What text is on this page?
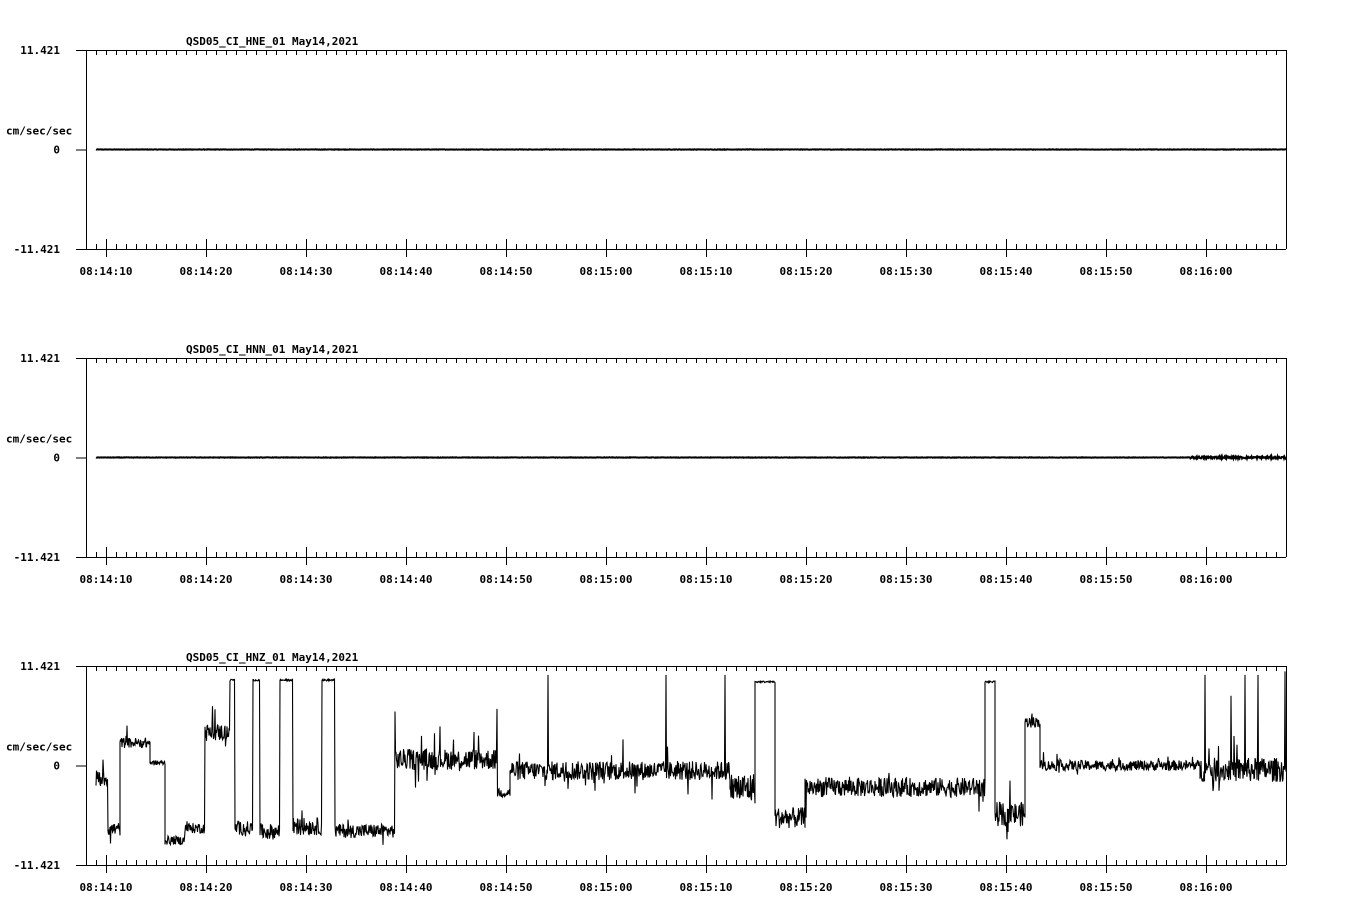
QSD05_CI_HNE_01 May14,2021
11.421
0
-11.421
cm/sec/sec
08:14:10	08:14:20	08:14:30	08:14:40	08:14:50	08:15:00	08:15:10	08:15:20	08:15:30	08:15:40	08:15:50	08:16:00
QSD05_CI_HNN_01 May14,2021
11.421
0
-11.421
cm/sec/sec
08:14:10	08:14:20	08:14:30	08:14:40	08:14:50	08:15:00	08:15:10	08:15:20	08:15:30	08:15:40	08:15:50	08:16:00
QSD05_CI_HNZ_01 May14,2021
11.421
0
-11.421
cm/sec/sec
08:14:10	08:14:20	08:14:30	08:14:40	08:14:50	08:15:00	08:15:10	08:15:20	08:15:30	08:15:40	08:15:50	08:16:00
